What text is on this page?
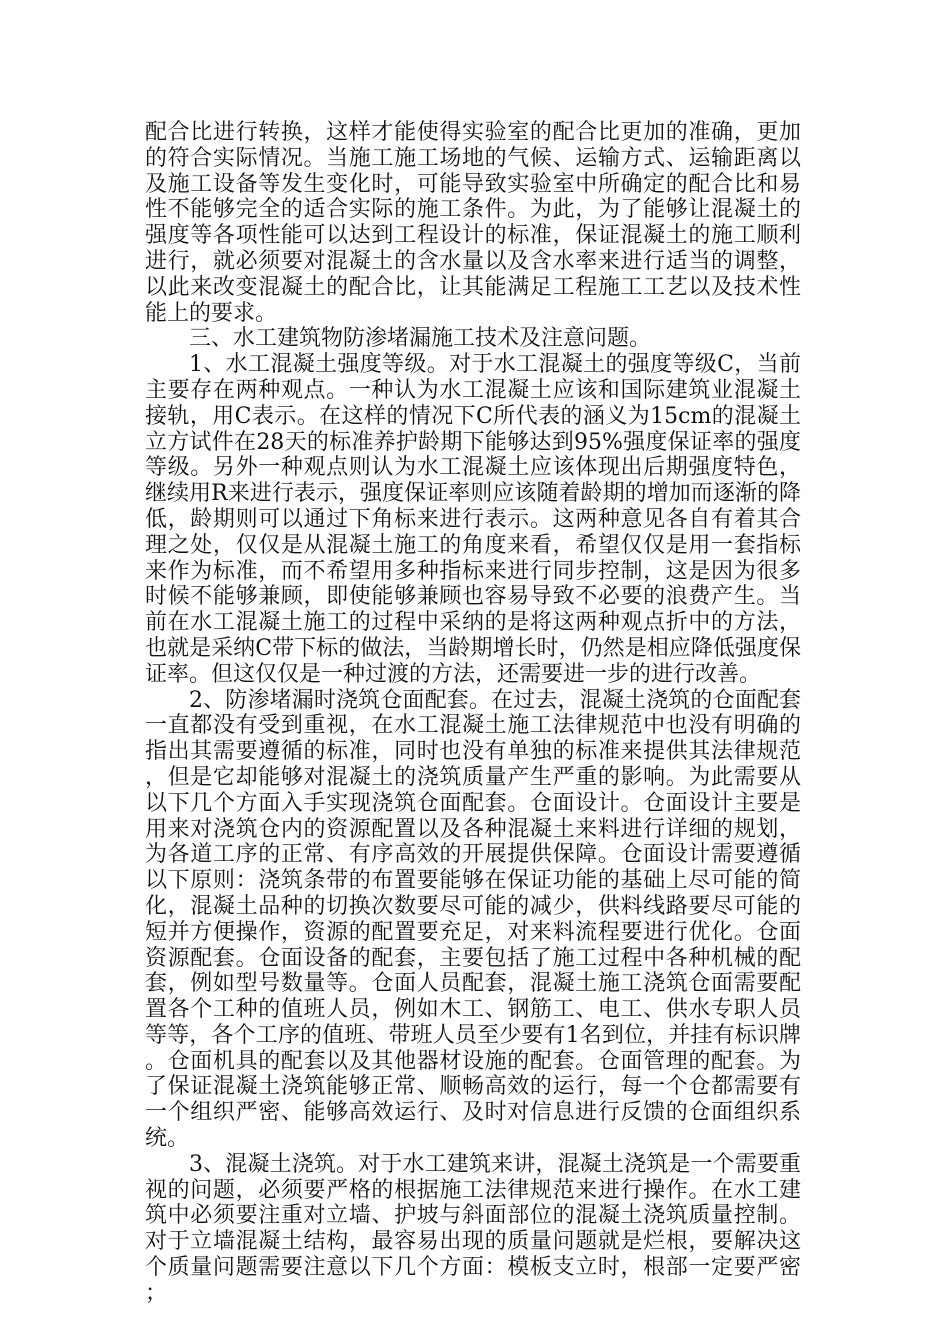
配合比进行转换，这样才能使得实验室的配合比更加的准确，更加的符合实际情况。当施工施工场地的气候、运输方式、运输距离以及施工设备等发生变化时，可能导致实验室中所确定的配合比和易性不能够完全的适合实际的施工条件。为此，为了能够让混凝土的强度等各项性能可以达到工程设计的标准，保证混凝土的施工顺利进行，就必须要对混凝土的含水量以及含水率来进行适当的调整，以此来改变混凝土的配合比，让其能满足工程施工工艺以及技术性能上的要求。

三、水工建筑物防渗堵漏施工技术及注意问题。

1、水工混凝土强度等级。对于水工混凝土的强度等级C，当前主要存在两种观点。一种认为水工混凝土应该和国际建筑业混凝土接轨，用C表示。在这样的情况下C所代表的涵义为15cm的混凝土立方试件在28天的标准养护龄期下能够达到95%强度保证率的强度等级。另外一种观点则认为水工混凝土应该体现出后期强度特色，继续用R来进行表示，强度保证率则应该随着龄期的增加而逐渐的降低，龄期则可以通过下角标来进行表示。这两种意见各自有着其合理之处，仅仅是从混凝土施工的角度来看，希望仅仅是用一套指标来作为标准，而不希望用多种指标来进行同步控制，这是因为很多时候不能够兼顾，即使能够兼顾也容易导致不必要的浪费产生。当前在水工混凝土施工的过程中采纳的是将这两种观点折中的方法，也就是采纳C带下标的做法，当龄期增长时，仍然是相应降低强度保证率。但这仅仅是一种过渡的方法，还需要进一步的进行改善。

2、防渗堵漏时浇筑仓面配套。在过去，混凝土浇筑的仓面配套一直都没有受到重视，在水工混凝土施工法律规范中也没有明确的指出其需要遵循的标准，同时也没有单独的标准来提供其法律规范，但是它却能够对混凝土的浇筑质量产生严重的影响。为此需要从以下几个方面入手实现浇筑仓面配套。仓面设计。仓面设计主要是用来对浇筑仓内的资源配置以及各种混凝土来料进行详细的规划，为各道工序的正常、有序高效的开展提供保障。仓面设计需要遵循以下原则：浇筑条带的布置要能够在保证功能的基础上尽可能的简化，混凝土品种的切换次数要尽可能的减少，供料线路要尽可能的短并方便操作，资源的配置要充足，对来料流程要进行优化。仓面资源配套。仓面设备的配套，主要包括了施工过程中各种机械的配套，例如型号数量等。仓面人员配套，混凝土施工浇筑仓面需要配置各个工种的值班人员，例如木工、钢筋工、电工、供水专职人员等等，各个工序的值班、带班人员至少要有1名到位，并挂有标识牌。仓面机具的配套以及其他器材设施的配套。仓面管理的配套。为了保证混凝土浇筑能够正常、顺畅高效的运行，每一个仓都需要有一个组织严密、能够高效运行、及时对信息进行反馈的仓面组织系统。

3、混凝土浇筑。对于水工建筑来讲，混凝土浇筑是一个需要重视的问题，必须要严格的根据施工法律规范来进行操作。在水工建筑中必须要注重对立墙、护坡与斜面部位的混凝土浇筑质量控制。对于立墙混凝土结构，最容易出现的质量问题就是烂根，要解决这个质量问题需要注意以下几个方面：模板支立时，根部一定要严密；
